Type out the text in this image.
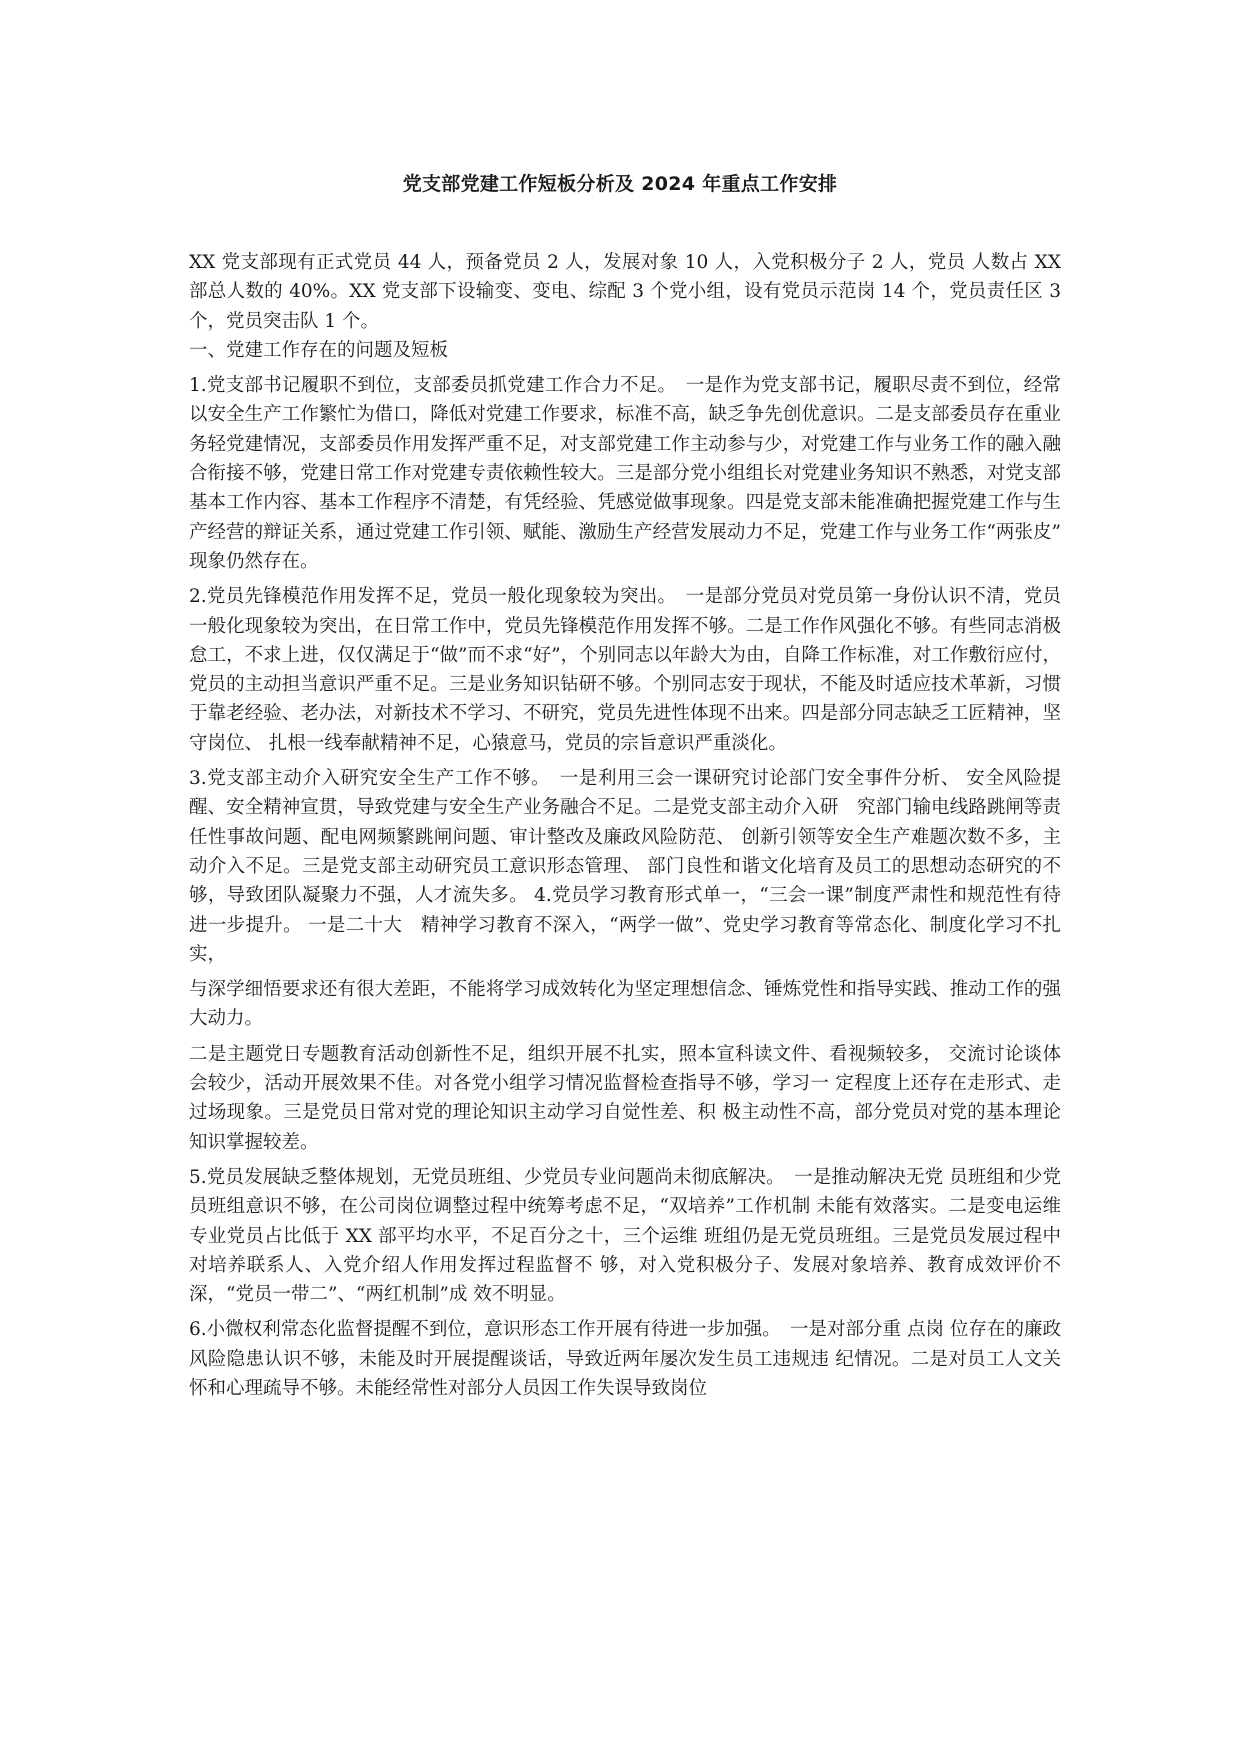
党支部党建工作短板分析及 2024 年重点工作安排

XX 党支部现有正式党员 44 人，预备党员 2 人，发展对象 10 人，入党积极分子 2 人，党员 人数占 XX 部总人数的 40%。XX 党支部下设输变、变电、综配 3 个党小组，设有党员示范岗 14 个，党员责任区 3 个，党员突击队 1 个。

一、党建工作存在的问题及短板

1.党支部书记履职不到位，支部委员抓党建工作合力不足。　一是作为党支部书记，履职尽责不到位，经常以安全生产工作繁忙为借口，降低对党建工作要求，标准不高，缺乏争先创优意识。二是支部委员存在重业务轻党建情况，支部委员作用发挥严重不足，对支部党建工作主动参与少，对党建工作与业务工作的融入融合衔接不够，党建日常工作对党建专责依赖性较大。三是部分党小组组长对党建业务知识不熟悉，对党支部基本工作内容、基本工作程序不清楚，有凭经验、凭感觉做事现象。四是党支部未能准确把握党建工作与生产经营的辩证关系，通过党建工作引领、赋能、激励生产经营发展动力不足，党建工作与业务工作“两张皮” 现象仍然存在。

2.党员先锋模范作用发挥不足，党员一般化现象较为突出。　一是部分党员对党员第一身份认识不清，党员一般化现象较为突出，在日常工作中，党员先锋模范作用发挥不够。二是工作作风强化不够。有些同志消极怠工，不求上进，仅仅满足于“做”而不求“好”，个别同志以年龄大为由，自降工作标准，对工作敷衍应付，党员的主动担当意识严重不足。三是业务知识钻研不够。个别同志安于现状，不能及时适应技术革新，习惯于靠老经验、老办法，对新技术不学习、不研究，党员先进性体现不出来。四是部分同志缺乏工匠精神，坚守岗位、 扎根一线奉献精神不足，心猿意马，党员的宗旨意识严重淡化。

3.党支部主动介入研究安全生产工作不够。　一是利用三会一课研究讨论部门安全事件分析、 安全风险提醒、安全精神宣贯，导致党建与安全生产业务融合不足。二是党支部主动介入研　究部门输电线路跳闸等责任性事故问题、配电网频繁跳闸问题、审计整改及廉政风险防范、 创新引领等安全生产难题次数不多，主动介入不足。三是党支部主动研究员工意识形态管理、 部门良性和谐文化培育及员工的思想动态研究的不够，导致团队凝聚力不强，人才流失多。 4.党员学习教育形式单一，“三会一课”制度严肃性和规范性有待进一步提升。 一是二十大　精神学习教育不深入，“两学一做”、党史学习教育等常态化、制度化学习不扎实，

与深学细悟要求还有很大差距，不能将学习成效转化为坚定理想信念、锤炼党性和指导实践、推动工作的强大动力。

二是主题党日专题教育活动创新性不足，组织开展不扎实，照本宣科读文件、看视频较多， 交流讨论谈体会较少，活动开展效果不佳。对各党小组学习情况监督检查指导不够，学习一 定程度上还存在走形式、走过场现象。三是党员日常对党的理论知识主动学习自觉性差、积 极主动性不高，部分党员对党的基本理论知识掌握较差。

5.党员发展缺乏整体规划，无党员班组、少党员专业问题尚未彻底解决。　一是推动解决无党 员班组和少党员班组意识不够，在公司岗位调整过程中统筹考虑不足，“双培养”工作机制 未能有效落实。二是变电运维专业党员占比低于 XX 部平均水平，不足百分之十，三个运维 班组仍是无党员班组。三是党员发展过程中对培养联系人、入党介绍人作用发挥过程监督不 够，对入党积极分子、发展对象培养、教育成效评价不深，“党员一带二”、“两红机制”成 效不明显。

6.小微权利常态化监督提醒不到位，意识形态工作开展有待进一步加强。　一是对部分重 点岗 位存在的廉政风险隐患认识不够，未能及时开展提醒谈话，导致近两年屡次发生员工违规违 纪情况。二是对员工人文关怀和心理疏导不够。未能经常性对部分人员因工作失误导致岗位
